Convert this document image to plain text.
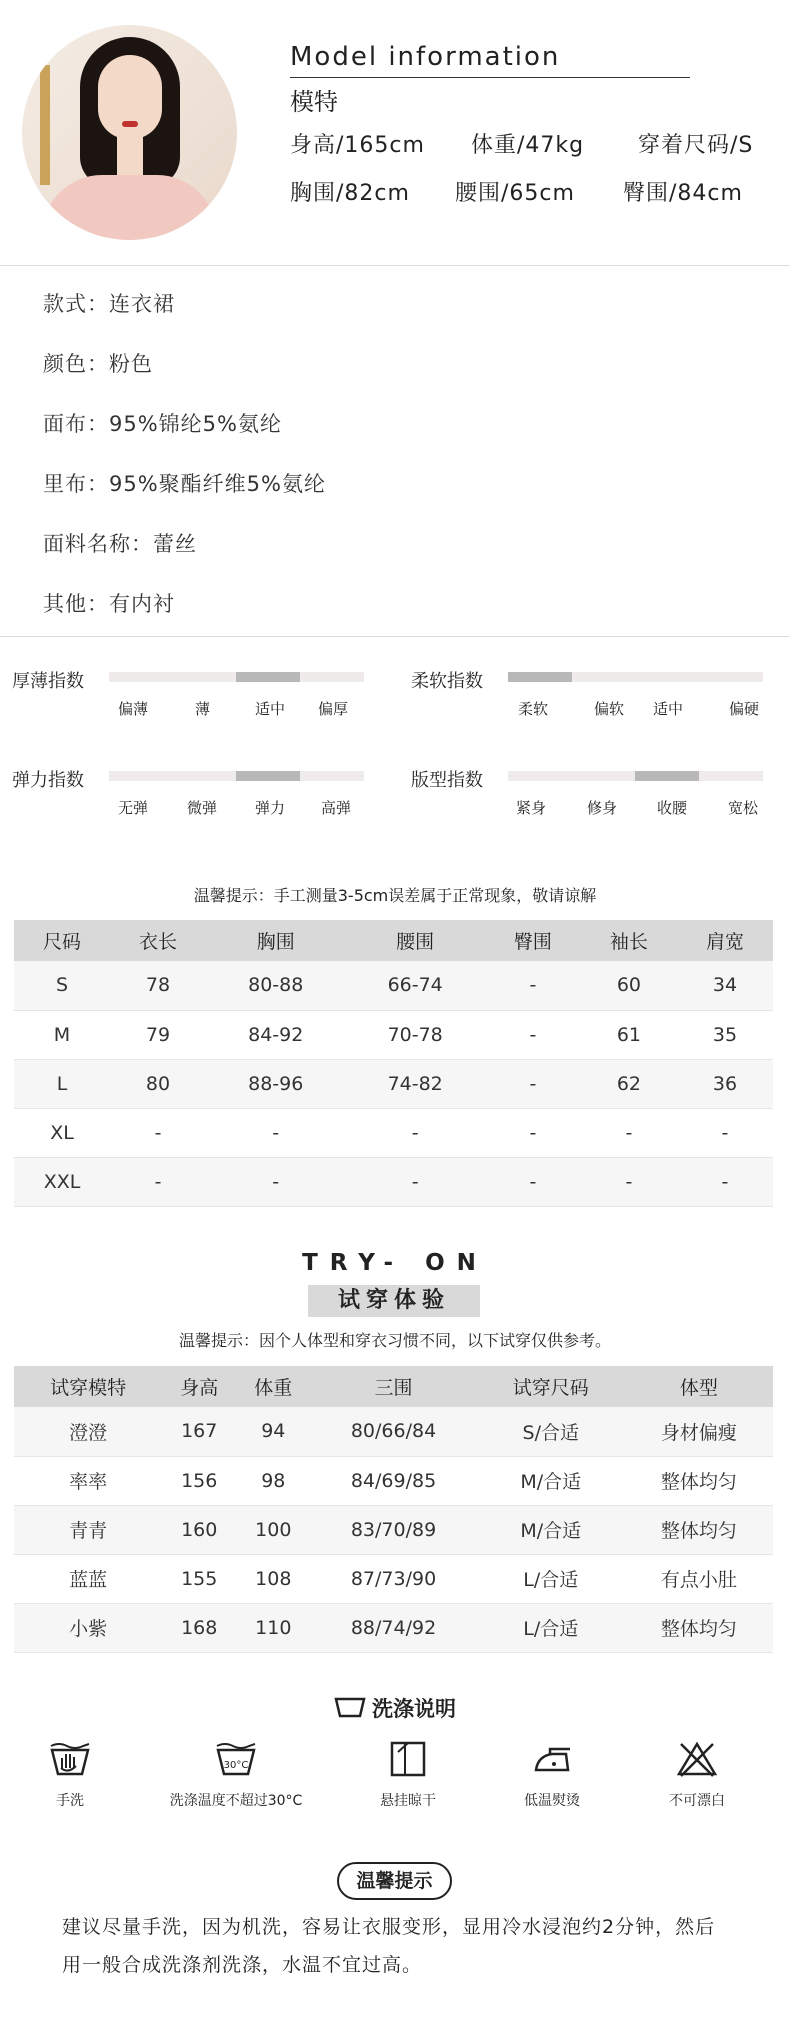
Model information
模特
身高/165cm 体重/47kg 穿着尺码/S
胸围/82cm 腰围/65cm 臀围/84cm
款式：连衣裙
颜色：粉色
面布：95%锦纶5%氨纶
里布：95%聚酯纤维5%氨纶
面料名称：蕾丝
其他：有内衬
厚薄指数
偏薄	薄	适中 偏厚
柔软指数
柔软	偏软 适中	偏硬
弹力指数
无弹	微弹	弹力 高弹
版型指数
紧身	修身	收腰	宽松
温馨提示：手工测量3-5cm误差属于正常现象，敬请谅解
尺码	衣长	胸围	腰围	臀围	袖长	肩宽
S	78	80-88	66-74	-	60	34
M	79	84-92	70-78	-	61	35
L	80	88-96	74-82	-	62	36
XL	-	-	-	-	-	-
XXL	-	-	-	-	-	-
TRY- ON
试穿体验
温馨提示：因个人体型和穿衣习惯不同，以下试穿仅供参考。
试穿模特	身高	体重	三围	试穿尺码	体型
澄澄	167	94	80/66/84	S/合适	身材偏瘦
率率	156	98	84/69/85	M/合适	整体均匀
青青	160	100	83/70/89	M/合适	整体均匀
蓝蓝	155	108	87/73/90	L/合适	有点小肚
小紫	168	110	88/74/92	L/合适	整体均匀
洗涤说明
手洗
30°C
洗涤温度不超过30°C	悬挂晾干	低温熨烫	不可漂白
温馨提示
建议尽量手洗，因为机洗，容易让衣服变形，显用冷水浸泡约2分钟，然后
用一般合成洗涤剂洗涤，水温不宜过高。
